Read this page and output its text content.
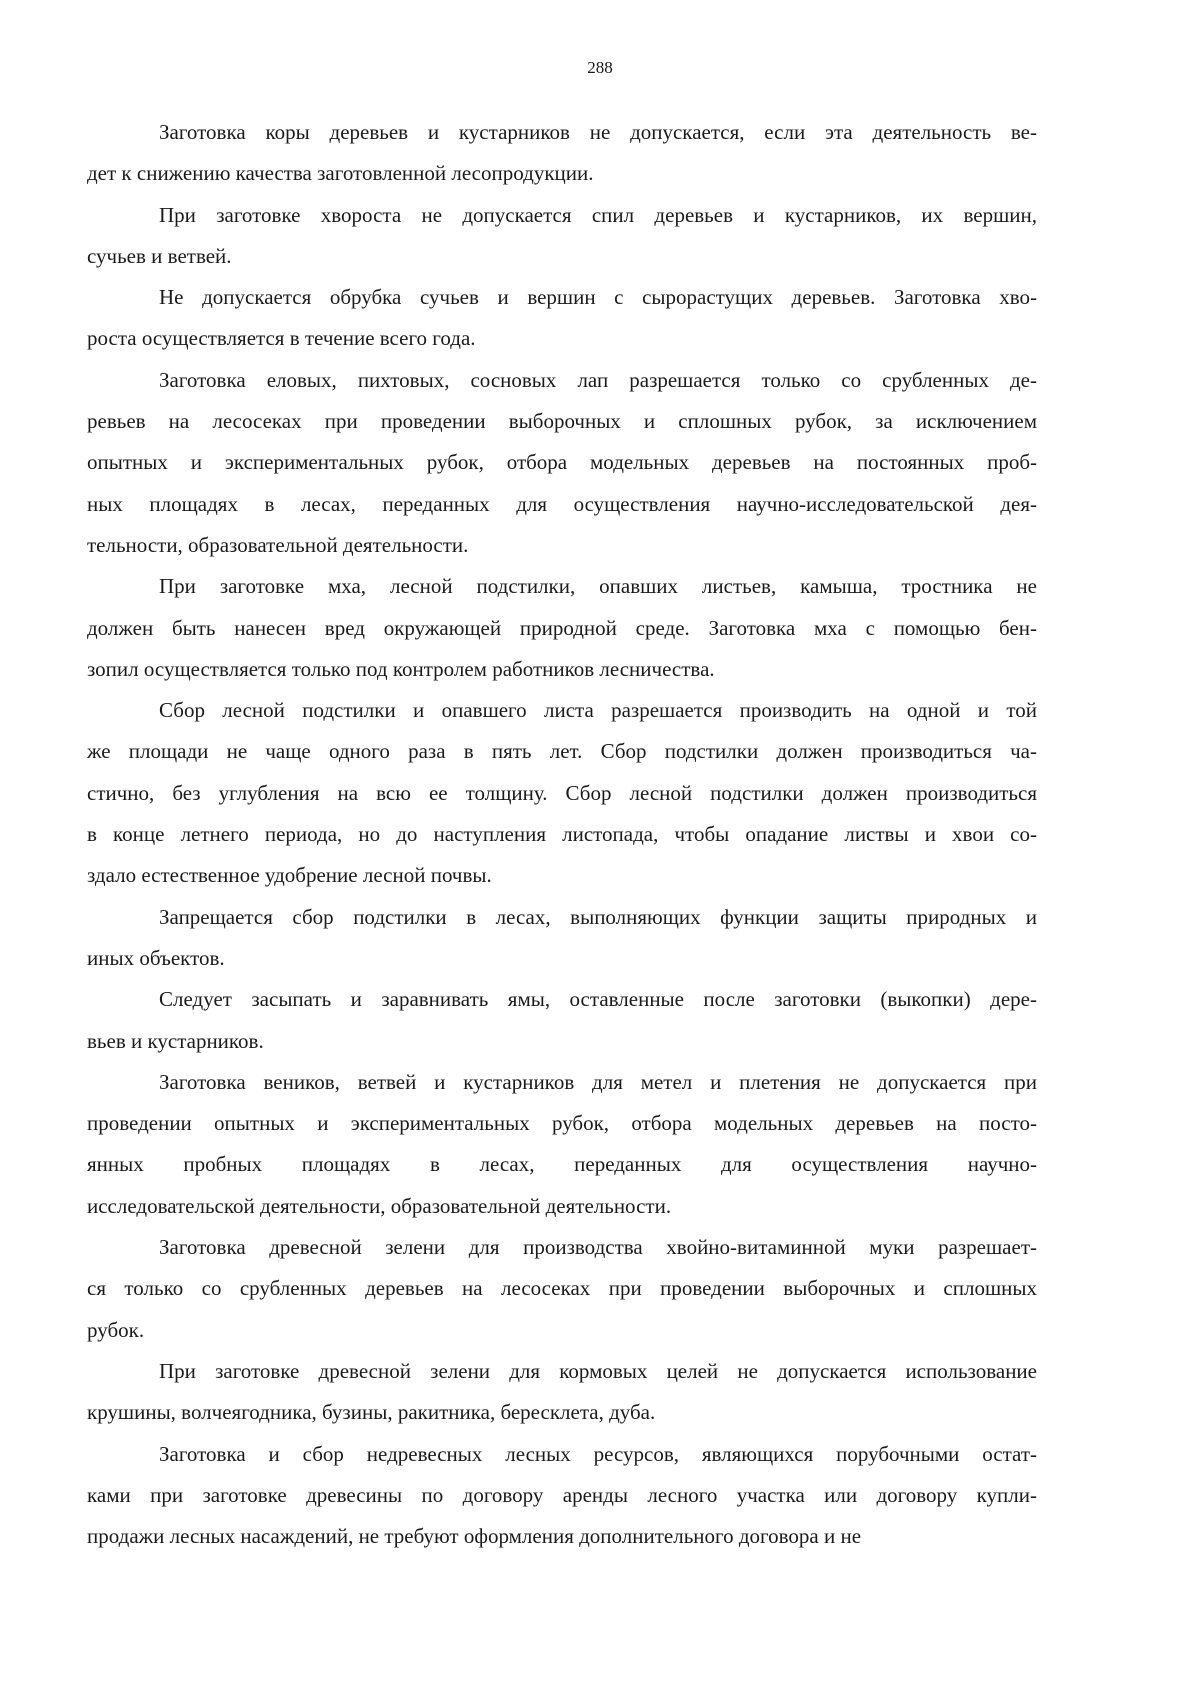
288

Заготовка коры деревьев и кустарников не допускается, если эта деятельность ве-
дет к снижению качества заготовленной лесопродукции.

При заготовке хвороста не допускается спил деревьев и кустарников, их вершин,
сучьев и ветвей.

Не допускается обрубка сучьев и вершин с сырорастущих деревьев. Заготовка хво-
роста осуществляется в течение всего года.

Заготовка еловых, пихтовых, сосновых лап разрешается только со срубленных де-
ревьев на лесосеках при проведении выборочных и сплошных рубок, за исключением
опытных и экспериментальных рубок, отбора модельных деревьев на постоянных проб-
ных площадях в лесах, переданных для осуществления научно-исследовательской дея-
тельности, образовательной деятельности.

При заготовке мха, лесной подстилки, опавших листьев, камыша, тростника не
должен быть нанесен вред окружающей природной среде. Заготовка мха с помощью бен-
зопил осуществляется только под контролем работников лесничества.

Сбор лесной подстилки и опавшего листа разрешается производить на одной и той
же площади не чаще одного раза в пять лет. Сбор подстилки должен производиться ча-
стично, без углубления на всю ее толщину. Сбор лесной подстилки должен производиться
в конце летнего периода, но до наступления листопада, чтобы опадание листвы и хвои со-
здало естественное удобрение лесной почвы.

Запрещается сбор подстилки в лесах, выполняющих функции защиты природных и
иных объектов.

Следует засыпать и заравнивать ямы, оставленные после заготовки (выкопки) дере-
вьев и кустарников.

Заготовка веников, ветвей и кустарников для метел и плетения не допускается при
проведении опытных и экспериментальных рубок, отбора модельных деревьев на посто-
янных пробных площадях в лесах, переданных для осуществления научно-
исследовательской деятельности, образовательной деятельности.

Заготовка древесной зелени для производства хвойно-витаминной муки разрешает-
ся только со срубленных деревьев на лесосеках при проведении выборочных и сплошных
рубок.

При заготовке древесной зелени для кормовых целей не допускается использование
крушины, волчеягодника, бузины, ракитника, бересклета, дуба.

Заготовка и сбор недревесных лесных ресурсов, являющихся порубочными остат-
ками при заготовке древесины по договору аренды лесного участка или договору купли-
продажи лесных насаждений, не требуют оформления дополнительного договора и не
